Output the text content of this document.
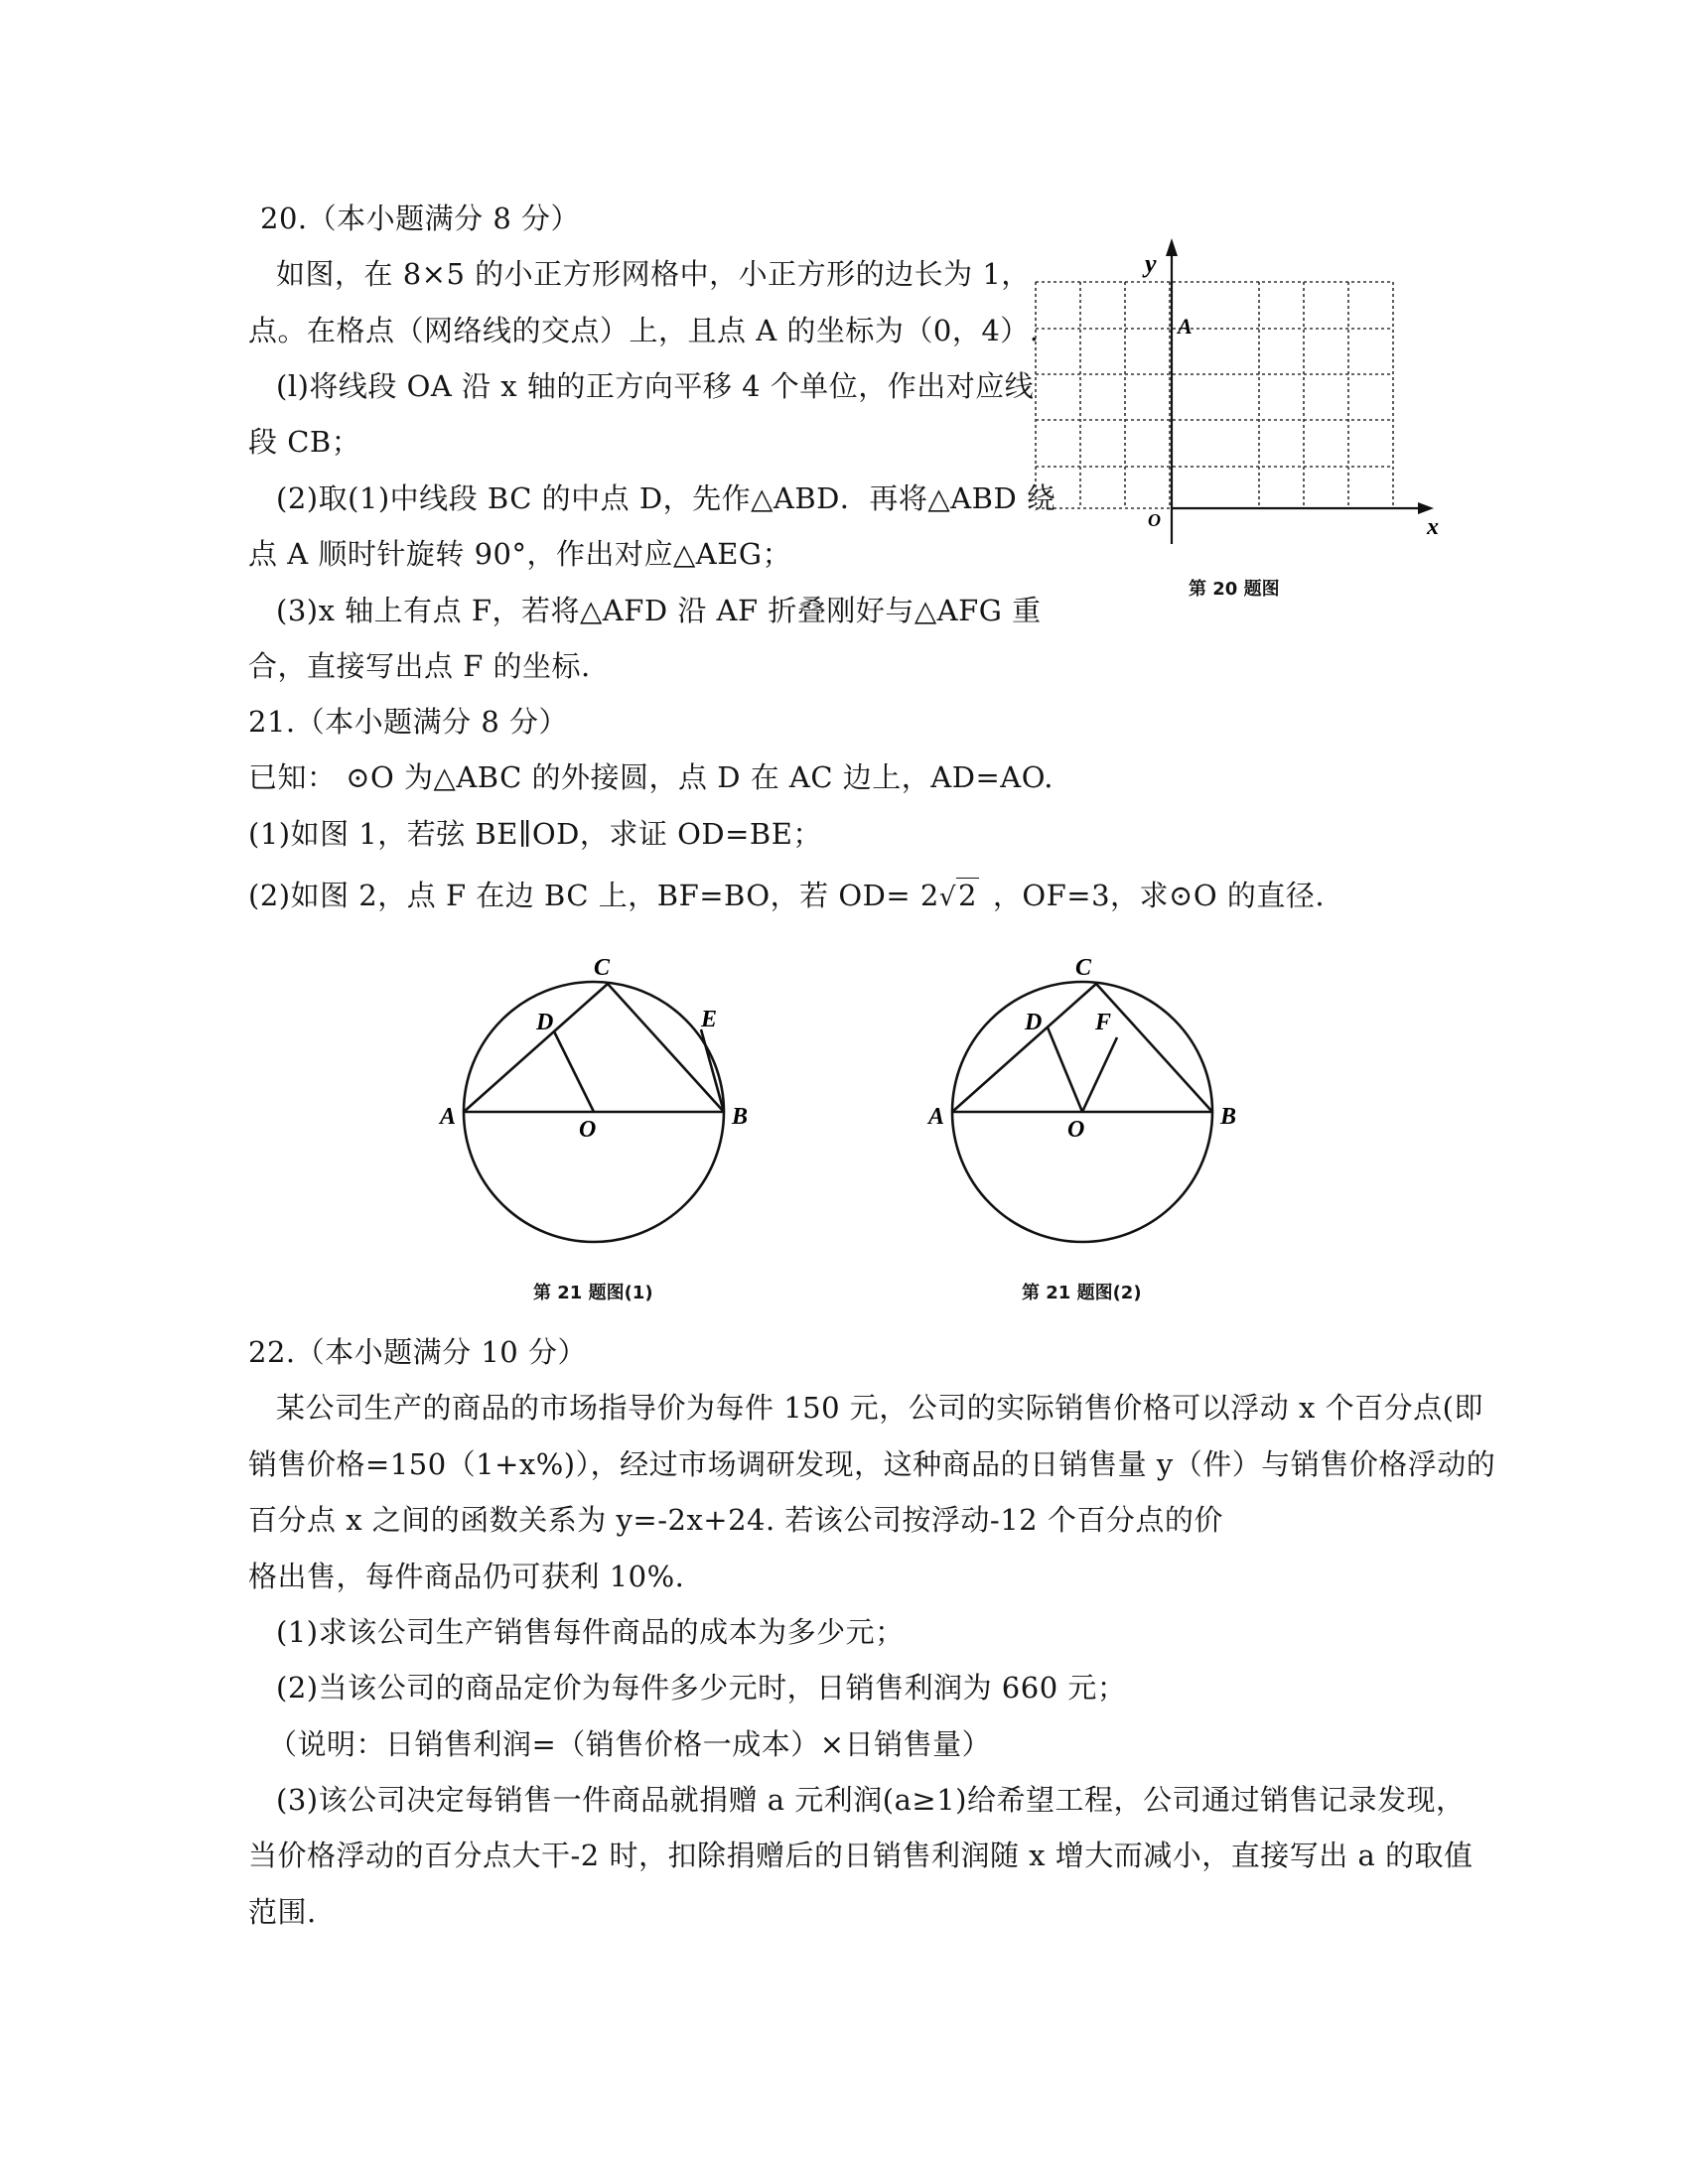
20.（本小题满分 8 分）
如图，在 8×5 的小正方形网格中，小正方形的边长为 1，
点。在格点（网络线的交点）上，且点 A 的坐标为（0，4）.
(l)将线段 OA 沿 x 轴的正方向平移 4 个单位，作出对应线
段 CB；
(2)取(1)中线段 BC 的中点 D，先作△ABD．再将△ABD 绕
点 A 顺时针旋转 90°，作出对应△AEG；
(3)x 轴上有点 F，若将△AFD 沿 AF 折叠刚好与△AFG 重
合，直接写出点 F 的坐标.
x
y
O
A
第 20 题图
21.（本小题满分 8 分）
已知： ⊙O 为△ABC 的外接圆，点 D 在 AC 边上，AD=AO.
(1)如图 1，若弦 BE∥OD，求证 OD=BE；
(2)如图 2，点 F 在边 BC 上，BF=BO，若 OD= 2√2 ，OF=3，求⊙O 的直径.
A	B
C
D	E
O
第 21 题图(1)
A	B
C
D F
O
第 21 题图(2)
22.（本小题满分 10 分）
某公司生产的商品的市场指导价为每件 150 元，公司的实际销售价格可以浮动 x 个百分点(即
销售价格=150（1+x%)），经过市场调研发现，这种商品的日销售量 y（件）与销售价格浮动的
百分点 x 之间的函数关系为 y=-2x+24. 若该公司按浮动-12 个百分点的价
格出售，每件商品仍可获利 10%.
(1)求该公司生产销售每件商品的成本为多少元；
(2)当该公司的商品定价为每件多少元时，日销售利润为 660 元；
（说明：日销售利润=（销售价格一成本）×日销售量）
(3)该公司决定每销售一件商品就捐赠 a 元利润(a≥1)给希望工程，公司通过销售记录发现，
当价格浮动的百分点大干-2 时，扣除捐赠后的日销售利润随 x 增大而减小，直接写出 a 的取值
范围.
